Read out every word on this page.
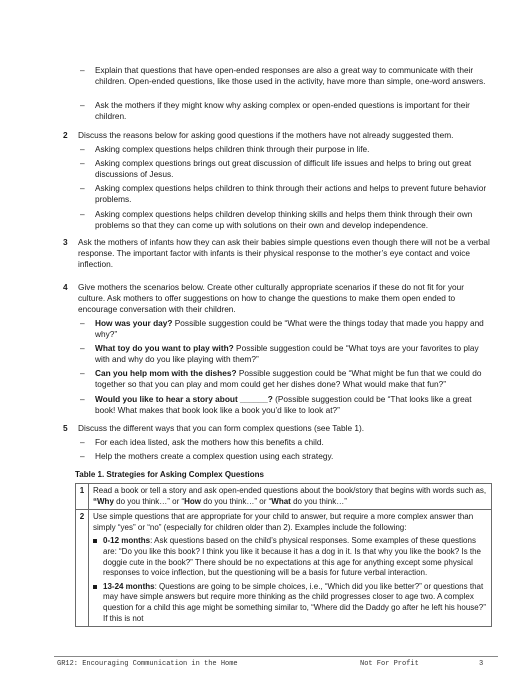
–	Explain that questions that have open-ended responses are also a great way to communicate with their children. Open-ended questions, like those used in the activity, have more than simple, one-word answers.
–	Ask the mothers if they might know why asking complex or open-ended questions is important for their children.
2	Discuss the reasons below for asking good questions if the mothers have not already suggested them.
–	Asking complex questions helps children think through their purpose in life.
–	Asking complex questions brings out great discussion of difficult life issues and helps to bring out great discussions of Jesus.
–	Asking complex questions helps children to think through their actions and helps to prevent future behavior problems.
–	Asking complex questions helps children develop thinking skills and helps them think through their own problems so that they can come up with solutions on their own and develop independence.
3	Ask the mothers of infants how they can ask their babies simple questions even though there will not be a verbal response. The important factor with infants is their physical response to the mother’s eye contact and voice inflection.
4	Give mothers the scenarios below. Create other culturally appropriate scenarios if these do not fit for your culture. Ask mothers to offer suggestions on how to change the questions to make them open ended to encourage conversation with their children.
–	How was your day? Possible suggestion could be “What were the things today that made you happy and why?”
–	What toy do you want to play with? Possible suggestion could be “What toys are your favorites to play with and why do you like playing with them?”
–	Can you help mom with the dishes? Possible suggestion could be “What might be fun that we could do together so that you can play and mom could get her dishes done? What would make that fun?”
–	Would you like to hear a story about ______? (Possible suggestion could be “That looks like a great book! What makes that book look like a book you’d like to look at?”
5	Discuss the different ways that you can form complex questions (see Table 1).
–	For each idea listed, ask the mothers how this benefits a child.
–	Help the mothers create a complex question using each strategy.
Table 1. Strategies for Asking Complex Questions
1	Read a book or tell a story and ask open-ended questions about the book/story that begins with words such as, “Why do you think…” or “How do you think…” or “What do you think…”
2	Use simple questions that are appropriate for your child to answer, but require a more complex answer than simply “yes” or “no” (especially for children older than 2). Examples include the following:
0-12 months: Ask questions based on the child’s physical responses. Some examples of these questions are: “Do you like this book? I think you like it because it has a dog in it. Is that why you like the book? Is the doggie cute in the book?” There should be no expectations at this age for anything except some physical responses to voice inflection, but the questioning will be a basis for future verbal interaction.
13-24 months: Questions are going to be simple choices, i.e., “Which did you like better?” or questions that may have simple answers but require more thinking as the child progresses closer to age two. A complex question for a child this age might be something similar to, “Where did the Daddy go after he left his house?” If this is not
GR12: Encouraging Communication in the Home	Not For Profit	3
